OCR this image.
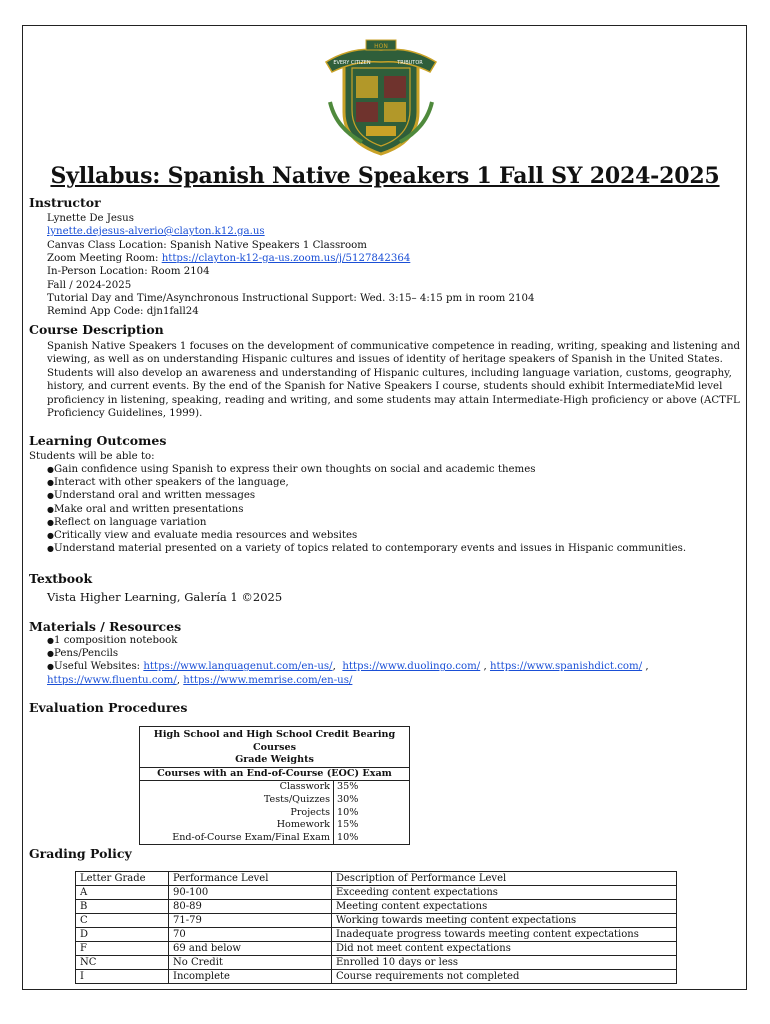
HON
EVERY CITIZEN	TRIBUTOR
Syllabus: Spanish Native Speakers 1 Fall SY 2024-2025
Instructor
Lynette De Jesus
lynette.dejesus-alverio@clayton.k12.ga.us
Canvas Class Location: Spanish Native Speakers 1 Classroom
Zoom Meeting Room: https://clayton-k12-ga-us.zoom.us/j/5127842364
In-Person Location: Room 2104
Fall / 2024-2025
Tutorial Day and Time/Asynchronous Instructional Support: Wed. 3:15– 4:15 pm in room 2104
Remind App Code: djn1fall24
Course Description
Spanish Native Speakers 1 focuses on the development of communicative competence in reading, writing, speaking and listening and viewing, as well as on understanding Hispanic cultures and issues of identity of heritage speakers of Spanish in the United States. Students will also develop an awareness and understanding of Hispanic cultures, including language variation, customs, geography, history, and current events. By the end of the Spanish for Native Speakers I course, students should exhibit IntermediateMid level proficiency in listening, speaking, reading and writing, and some students may attain Intermediate-High proficiency or above (ACTFL Proficiency Guidelines, 1999).
Learning Outcomes
Students will be able to:
● Gain confidence using Spanish to express their own thoughts on social and academic themes
● Interact with other speakers of the language,
● Understand oral and written messages
● Make oral and written presentations
● Reflect on language variation
● Critically view and evaluate media resources and websites
● Understand material presented on a variety of topics related to contemporary events and issues in Hispanic communities.
Textbook
Vista Higher Learning, Galería 1 ©2025
Materials / Resources
● 1 composition notebook
● Pens/Pencils
● Useful Websites: https://www.languagenut.com/en-us/,  https://www.duolingo.com/ , https://www.spanishdict.com/ ,
https://www.fluentu.com/, https://www.memrise.com/en-us/
Evaluation Procedures
High School and High School Credit Bearing Courses	
Grade Weights	
Courses with an End-of-Course (EOC) Exam	
Classwork	35%
Tests/Quizzes	30%
Projects	10%
Homework	15%
End-of-Course Exam/Final Exam	10%
Grading Policy
Letter Grade	Performance Level	Description of Performance Level
A	90-100	Exceeding content expectations
B	80-89	Meeting content expectations
C	71-79	Working towards meeting content expectations
D	70	Inadequate progress towards meeting content expectations
F	69 and below	Did not meet content expectations
NC	No Credit	Enrolled 10 days or less
I	Incomplete	Course requirements not completed
